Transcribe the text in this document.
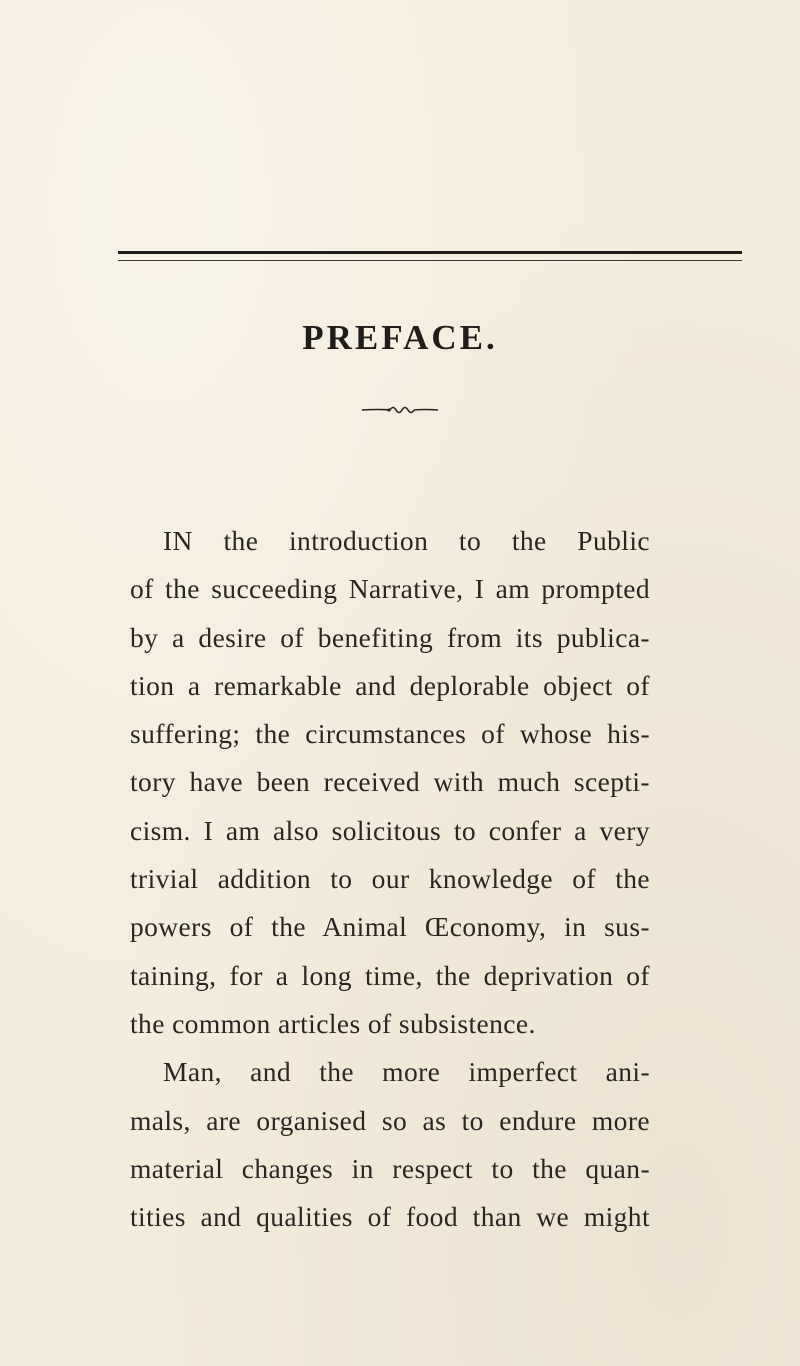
PREFACE.
IN the introduction to the Public
of the succeeding Narrative, I am prompted
by a desire of benefiting from its publica-
tion a remarkable and deplorable object of
suffering; the circumstances of whose his-
tory have been received with much scepti-
cism. I am also solicitous to confer a very
trivial addition to our knowledge of the
powers of the Animal Œconomy, in sus-
taining, for a long time, the deprivation of
the common articles of subsistence.
Man, and the more imperfect ani-
mals, are organised so as to endure more
material changes in respect to the quan-
tities and qualities of food than we might
